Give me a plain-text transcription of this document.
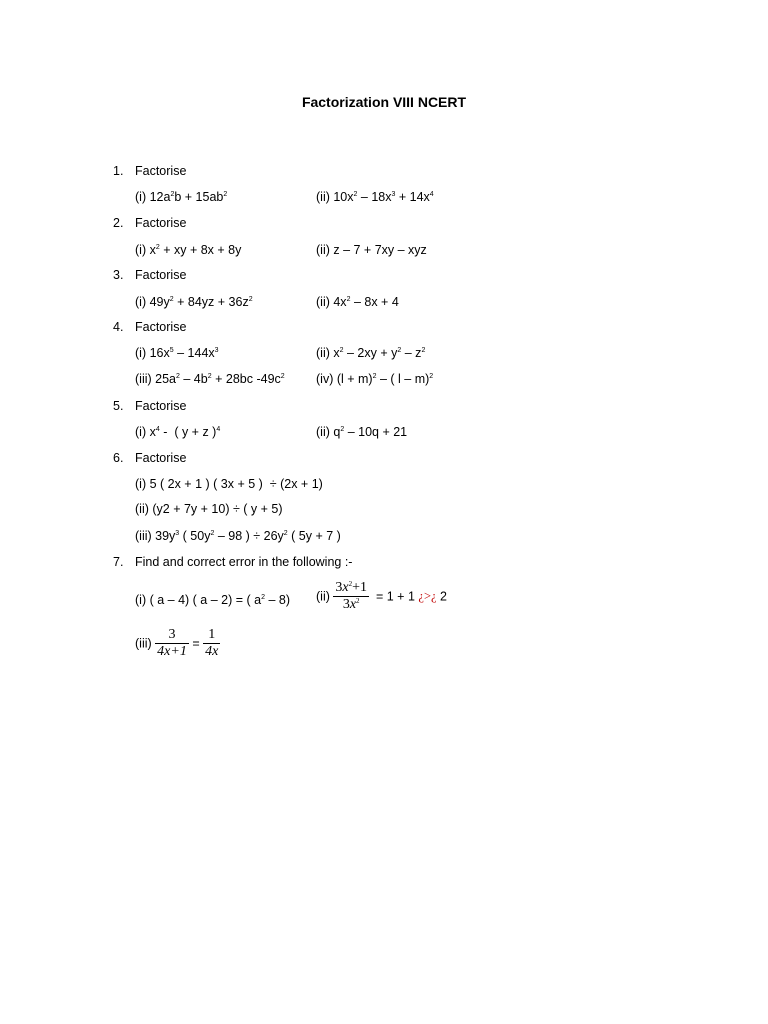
Factorization VIII NCERT
1. Factorise
(i) $12a^2b + 15ab^2$	(ii) $10x^2 - 18x^3 + 14x^4$
2. Factorise
(i) $x^2$ + xy + 8x + 8y	(ii) z – 7 + 7xy – xyz
3. Factorise
(i) $49y^2 + 84yz + 36z^2$	(ii) $4x^2 - 8x + 4$
4. Factorise
(i) $16x^5 - 144x^3$	(ii) $x^2 - 2xy + y^2 - z^2$
(iii) $25a^2 - 4b^2 + 28bc$ $-49c^2$	(iv) $(l + m)^2$ – ( l – m)$^2$
5. Factorise
(i) $x^4$ -  ( y + z )$^4$	(ii) $q^2 - 10q + 21$
6. Factorise
(i) 5 ( 2x + 1 ) ( 3x + 5 )  ÷ (2x + 1)
(ii) (y2 + 7y + 10) ÷ ( y + 5)
(iii) $39y^3$ ( $50y^2 - 98$ ) ÷ $26y^2$ ( 5y + 7 )
7. Find and correct error in the following :-
(i) ( a – 4) ( a – 2) = ( $a^2 - 8$) $(ii) \frac{3x^2+1}{3x^2} = 1 + 1$ ¿>¿ 2
$(iii) \frac{3}{4x+1} = \frac{1}{4x}$
